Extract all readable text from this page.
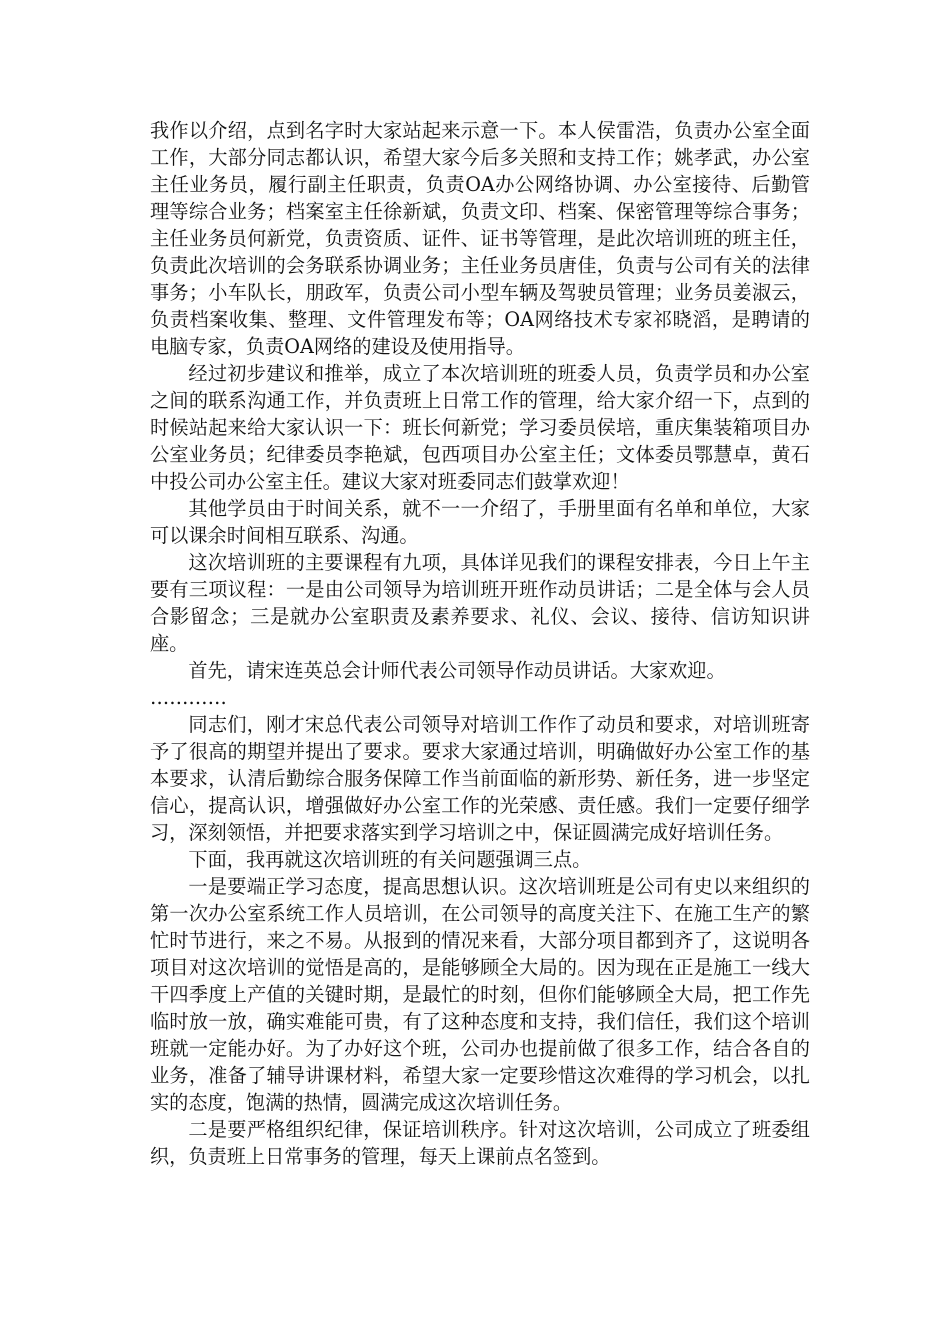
我作以介绍，点到名字时大家站起来示意一下。本人侯雷浩，负责办公室全面工作，大部分同志都认识，希望大家今后多关照和支持工作；姚孝武，办公室主任业务员，履行副主任职责，负责OA办公网络协调、办公室接待、后勤管理等综合业务；档案室主任徐新斌，负责文印、档案、保密管理等综合事务；主任业务员何新党，负责资质、证件、证书等管理，是此次培训班的班主任，负责此次培训的会务联系协调业务；主任业务员唐佳，负责与公司有关的法律事务；小车队长，朋政军，负责公司小型车辆及驾驶员管理；业务员姜淑云，负责档案收集、整理、文件管理发布等；OA网络技术专家祁晓滔，是聘请的电脑专家，负责OA网络的建设及使用指导。

经过初步建议和推举，成立了本次培训班的班委人员，负责学员和办公室之间的联系沟通工作，并负责班上日常工作的管理，给大家介绍一下，点到的时候站起来给大家认识一下：班长何新党；学习委员侯培，重庆集装箱项目办公室业务员；纪律委员李艳斌，包西项目办公室主任；文体委员鄂慧卓，黄石中投公司办公室主任。建议大家对班委同志们鼓掌欢迎！

其他学员由于时间关系，就不一一介绍了，手册里面有名单和单位，大家可以课余时间相互联系、沟通。

这次培训班的主要课程有九项，具体详见我们的课程安排表，今日上午主要有三项议程：一是由公司领导为培训班开班作动员讲话；二是全体与会人员合影留念；三是就办公室职责及素养要求、礼仪、会议、接待、信访知识讲座。

首先，请宋连英总会计师代表公司领导作动员讲话。大家欢迎。

…………

同志们，刚才宋总代表公司领导对培训工作作了动员和要求，对培训班寄予了很高的期望并提出了要求。要求大家通过培训，明确做好办公室工作的基本要求，认清后勤综合服务保障工作当前面临的新形势、新任务，进一步坚定信心，提高认识，增强做好办公室工作的光荣感、责任感。我们一定要仔细学习，深刻领悟，并把要求落实到学习培训之中，保证圆满完成好培训任务。

下面，我再就这次培训班的有关问题强调三点。

一是要端正学习态度，提高思想认识。这次培训班是公司有史以来组织的第一次办公室系统工作人员培训，在公司领导的高度关注下、在施工生产的繁忙时节进行，来之不易。从报到的情况来看，大部分项目都到齐了，这说明各项目对这次培训的觉悟是高的，是能够顾全大局的。因为现在正是施工一线大干四季度上产值的关键时期，是最忙的时刻，但你们能够顾全大局，把工作先临时放一放，确实难能可贵，有了这种态度和支持，我们信任，我们这个培训班就一定能办好。为了办好这个班，公司办也提前做了很多工作，结合各自的业务，准备了辅导讲课材料，希望大家一定要珍惜这次难得的学习机会，以扎实的态度，饱满的热情，圆满完成这次培训任务。

二是要严格组织纪律，保证培训秩序。针对这次培训，公司成立了班委组织，负责班上日常事务的管理，每天上课前点名签到。
